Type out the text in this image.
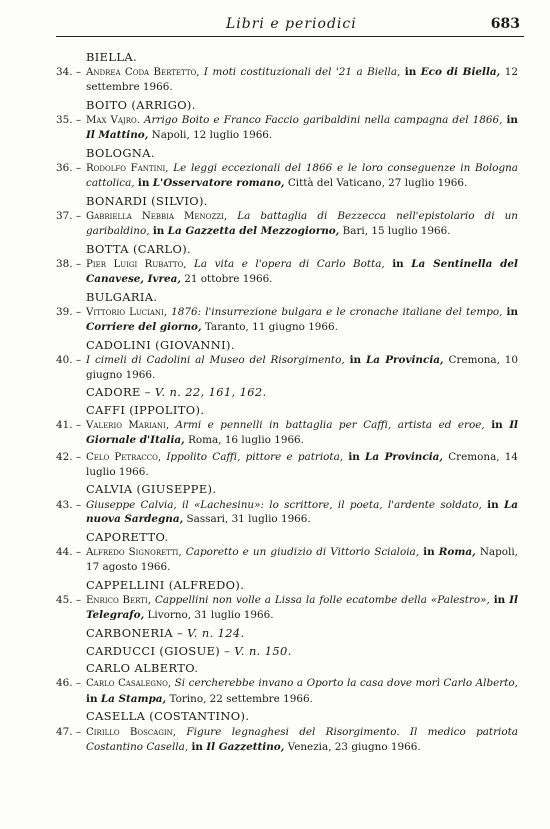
Libri e periodici	683
BIELLA.
34. – Andrea Coda Bertetto, I moti costituzionali del '21 a Biella, in Eco di Biella, 12 settembre 1966.
BOITO (ARRIGO).
35. – Max Vajro. Arrigo Boito e Franco Faccio garibaldini nella campagna del 1866, in Il Mattino, Napoli, 12 luglio 1966.
BOLOGNA.
36. – Rodolfo Fantini, Le leggi eccezionali del 1866 e le loro conseguenze in Bologna cattolica, in L'Osservatore romano, Città del Vaticano, 27 luglio 1966.
BONARDI (SILVIO).
37. – Gabriella Nebbia Menozzi, La battaglia di Bezzecca nell'epistolario di un garibaldino, in La Gazzetta del Mezzogiorno, Bari, 15 luglio 1966.
BOTTA (CARLO).
38. – Pier Luigi Rubatto, La vita e l'opera di Carlo Botta, in La Sentinella del Canavese, Ivrea, 21 ottobre 1966.
BULGARIA.
39. – Vittorio Luciani, 1876: l'insurrezione bulgara e le cronache italiane del tempo, in Corriere del giorno, Taranto, 11 giugno 1966.
CADOLINI (GIOVANNI).
40. – I cimeli di Cadolini al Museo del Risorgimento, in La Provincia, Cremona, 10 giugno 1966.
CADORE – V. n. 22, 161, 162.
CAFFI (IPPOLITO).
41. – Valerio Mariani, Armi e pennelli in battaglia per Caffi, artista ed eroe, in Il Giornale d'Italia, Roma, 16 luglio 1966.
42. – Celo Petracco, Ippolito Caffi, pittore e patriota, in La Provincia, Cremona, 14 luglio 1966.
CALVIA (GIUSEPPE).
43. – Giuseppe Calvia, il «Lachesinu»: lo scrittore, il poeta, l'ardente soldato, in La nuova Sardegna, Sassari, 31 luglio 1966.
CAPORETTO.
44. – Alfredo Signoretti, Caporetto e un giudizio di Vittorio Scialoia, in Roma, Napoli, 17 agosto 1966.
CAPPELLINI (ALFREDO).
45. – Enrico Berti, Cappellini non volle a Lissa la folle ecatombe della «Palestro», in Il Telegrafo, Livorno, 31 luglio 1966.
CARBONERIA – V. n. 124.
CARDUCCI (GIOSUE) – V. n. 150.
CARLO ALBERTO.
46. – Carlo Casalegno, Si cercherebbe invano a Oporto la casa dove morì Carlo Alberto, in La Stampa, Torino, 22 settembre 1966.
CASELLA (COSTANTINO).
47. – Cirillo Boscagin, Figure legnaghesi del Risorgimento. Il medico patriota Costantino Casella, in Il Gazzettino, Venezia, 23 giugno 1966.
